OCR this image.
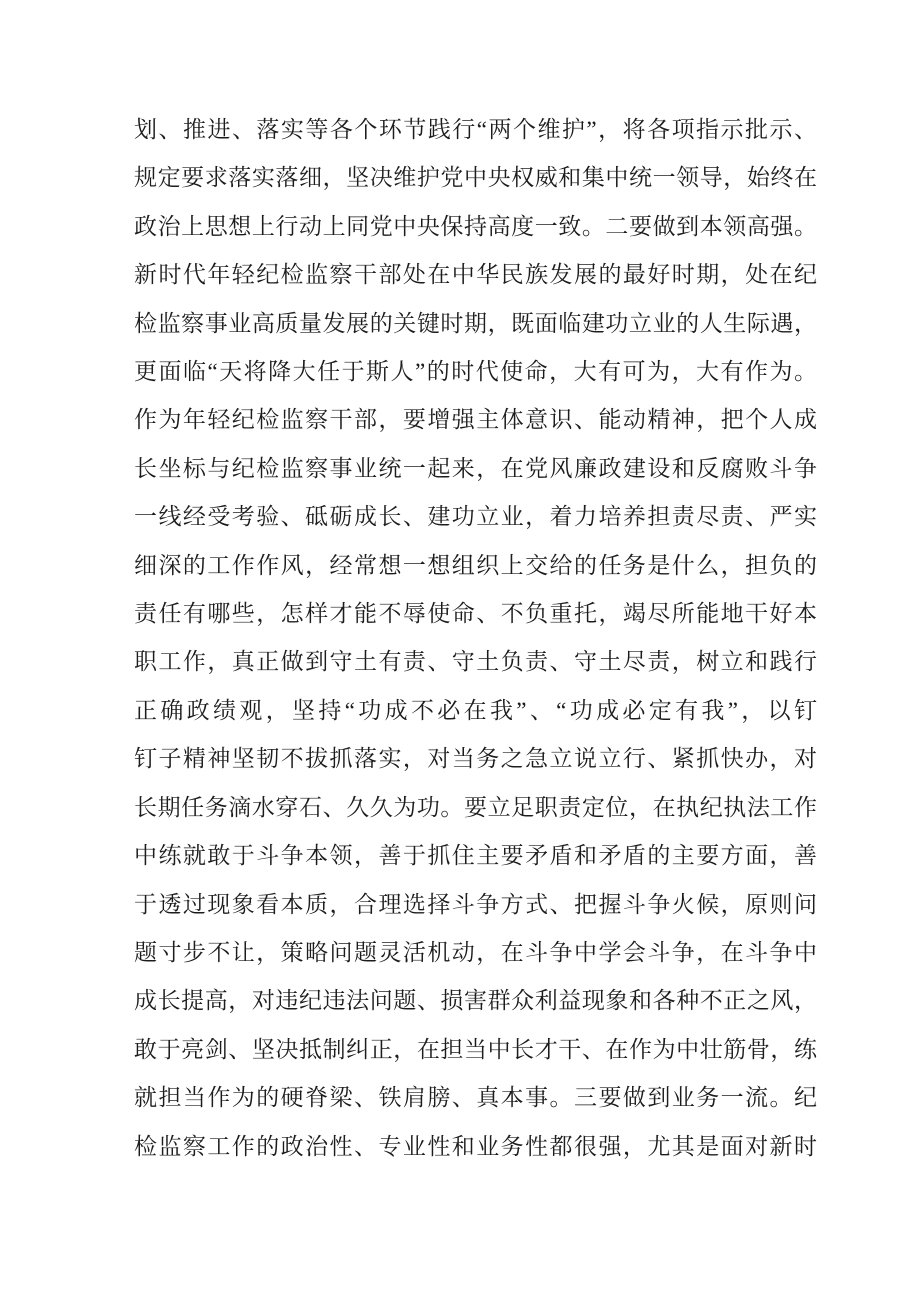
划、推进、落实等各个环节践行“两个维护”，将各项指示批示、
规定要求落实落细，坚决维护党中央权威和集中统一领导，始终在
政治上思想上行动上同党中央保持高度一致。二要做到本领高强。
新时代年轻纪检监察干部处在中华民族发展的最好时期，处在纪
检监察事业高质量发展的关键时期，既面临建功立业的人生际遇，
更面临“天将降大任于斯人”的时代使命，大有可为，大有作为。
作为年轻纪检监察干部，要增强主体意识、能动精神，把个人成
长坐标与纪检监察事业统一起来，在党风廉政建设和反腐败斗争
一线经受考验、砥砺成长、建功立业，着力培养担责尽责、严实
细深的工作作风，经常想一想组织上交给的任务是什么，担负的
责任有哪些，怎样才能不辱使命、不负重托，竭尽所能地干好本
职工作，真正做到守土有责、守土负责、守土尽责，树立和践行
正确政绩观，坚持“功成不必在我”、“功成必定有我”，以钉
钉子精神坚韧不拔抓落实，对当务之急立说立行、紧抓快办，对
长期任务滴水穿石、久久为功。要立足职责定位，在执纪执法工作
中练就敢于斗争本领，善于抓住主要矛盾和矛盾的主要方面，善
于透过现象看本质，合理选择斗争方式、把握斗争火候，原则问
题寸步不让，策略问题灵活机动，在斗争中学会斗争，在斗争中
成长提高，对违纪违法问题、损害群众利益现象和各种不正之风，
敢于亮剑、坚决抵制纠正，在担当中长才干、在作为中壮筋骨，练
就担当作为的硬脊梁、铁肩膀、真本事。三要做到业务一流。纪
检监察工作的政治性、专业性和业务性都很强，尤其是面对新时
